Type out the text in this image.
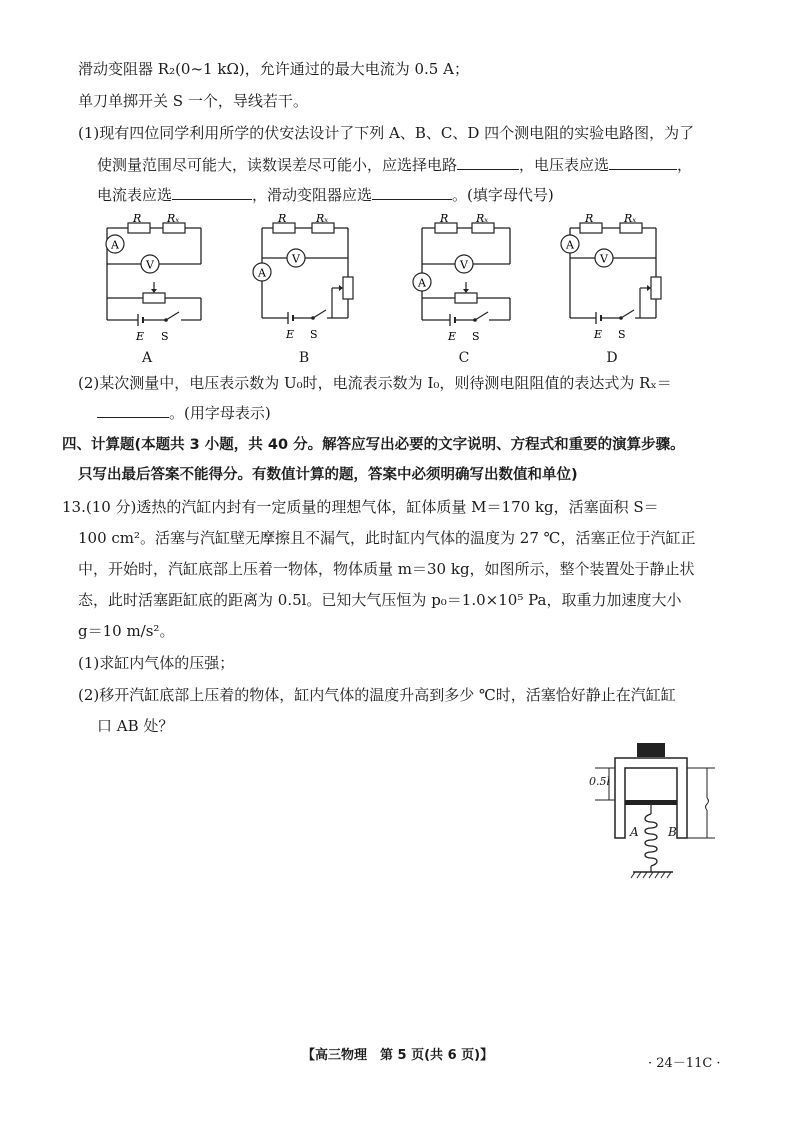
滑动变阻器 R₂(0~1 kΩ)，允许通过的最大电流为 0.5 A；
单刀单掷开关 S 一个，导线若干。
(1)现有四位同学利用所学的伏安法设计了下列 A、B、C、D 四个测电阻的实验电路图，为了
使测量范围尽可能大，读数误差尽可能小，应选择电路	，电压表应选	，
电流表应选	，滑动变阻器应选	。(填字母代号)
A
V
R Rₓ
E S
V
A
R	Rₓ
E S
V
A
R	Rₓ
E S
A
V
R	Rₓ
E S
A	B	C	D
(2)某次测量中，电压表示数为 U₀时，电流表示数为 I₀，则待测电阻阻值的表达式为 Rₓ＝
。(用字母表示)
四、计算题(本题共 3 小题，共 40 分。解答应写出必要的文字说明、方程式和重要的演算步骤。
只写出最后答案不能得分。有数值计算的题，答案中必须明确写出数值和单位)
13.(10 分)透热的汽缸内封有一定质量的理想气体，缸体质量 M＝170 kg，活塞面积 S＝
100 cm²。活塞与汽缸壁无摩擦且不漏气，此时缸内气体的温度为 27 ℃，活塞正位于汽缸正
中，开始时，汽缸底部上压着一物体，物体质量 m＝30 kg，如图所示，整个装置处于静止状
态，此时活塞距缸底的距离为 0.5l。已知大气压恒为 p₀＝1.0×10⁵ Pa，取重力加速度大小
g＝10 m/s²。
(1)求缸内气体的压强；
(2)移开汽缸底部上压着的物体，缸内气体的温度升高到多少 ℃时，活塞恰好静止在汽缸缸
口 AB 处？
0.5l
A B
【高三物理　第 5 页(共 6 页)】
· 24－11C ·
